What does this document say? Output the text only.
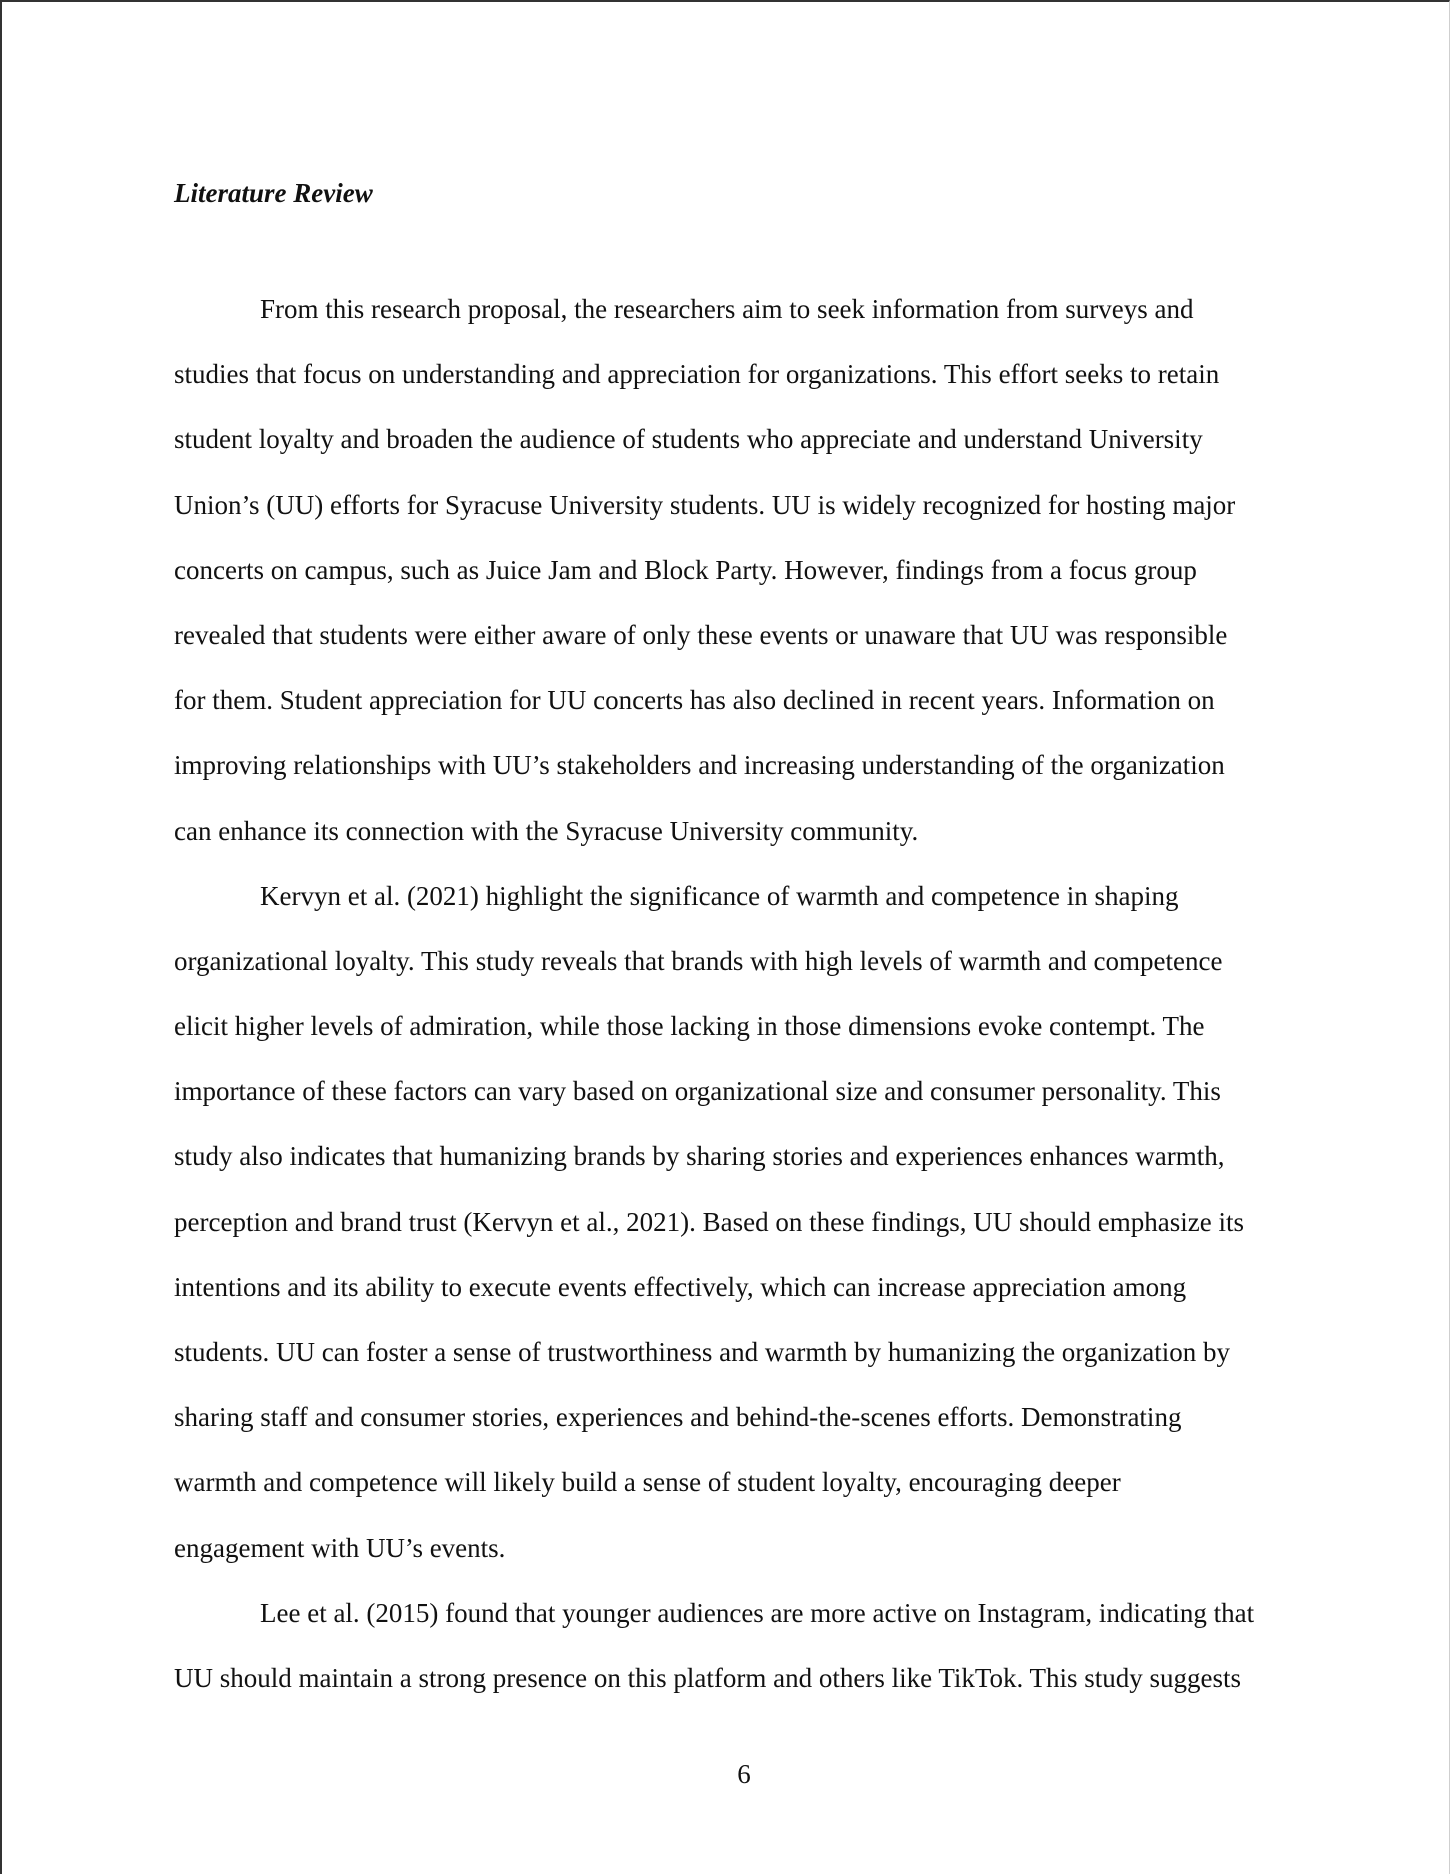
Literature Review
From this research proposal, the researchers aim to seek information from surveys and
studies that focus on understanding and appreciation for organizations. This effort seeks to retain
student loyalty and broaden the audience of students who appreciate and understand University
Union’s (UU) efforts for Syracuse University students. UU is widely recognized for hosting major
concerts on campus, such as Juice Jam and Block Party. However, findings from a focus group
revealed that students were either aware of only these events or unaware that UU was responsible
for them. Student appreciation for UU concerts has also declined in recent years. Information on
improving relationships with UU’s stakeholders and increasing understanding of the organization
can enhance its connection with the Syracuse University community.
Kervyn et al. (2021) highlight the significance of warmth and competence in shaping
organizational loyalty. This study reveals that brands with high levels of warmth and competence
elicit higher levels of admiration, while those lacking in those dimensions evoke contempt. The
importance of these factors can vary based on organizational size and consumer personality. This
study also indicates that humanizing brands by sharing stories and experiences enhances warmth,
perception and brand trust (Kervyn et al., 2021). Based on these findings, UU should emphasize its
intentions and its ability to execute events effectively, which can increase appreciation among
students. UU can foster a sense of trustworthiness and warmth by humanizing the organization by
sharing staff and consumer stories, experiences and behind-the-scenes efforts. Demonstrating
warmth and competence will likely build a sense of student loyalty, encouraging deeper
engagement with UU’s events.
Lee et al. (2015) found that younger audiences are more active on Instagram, indicating that
UU should maintain a strong presence on this platform and others like TikTok. This study suggests
6
